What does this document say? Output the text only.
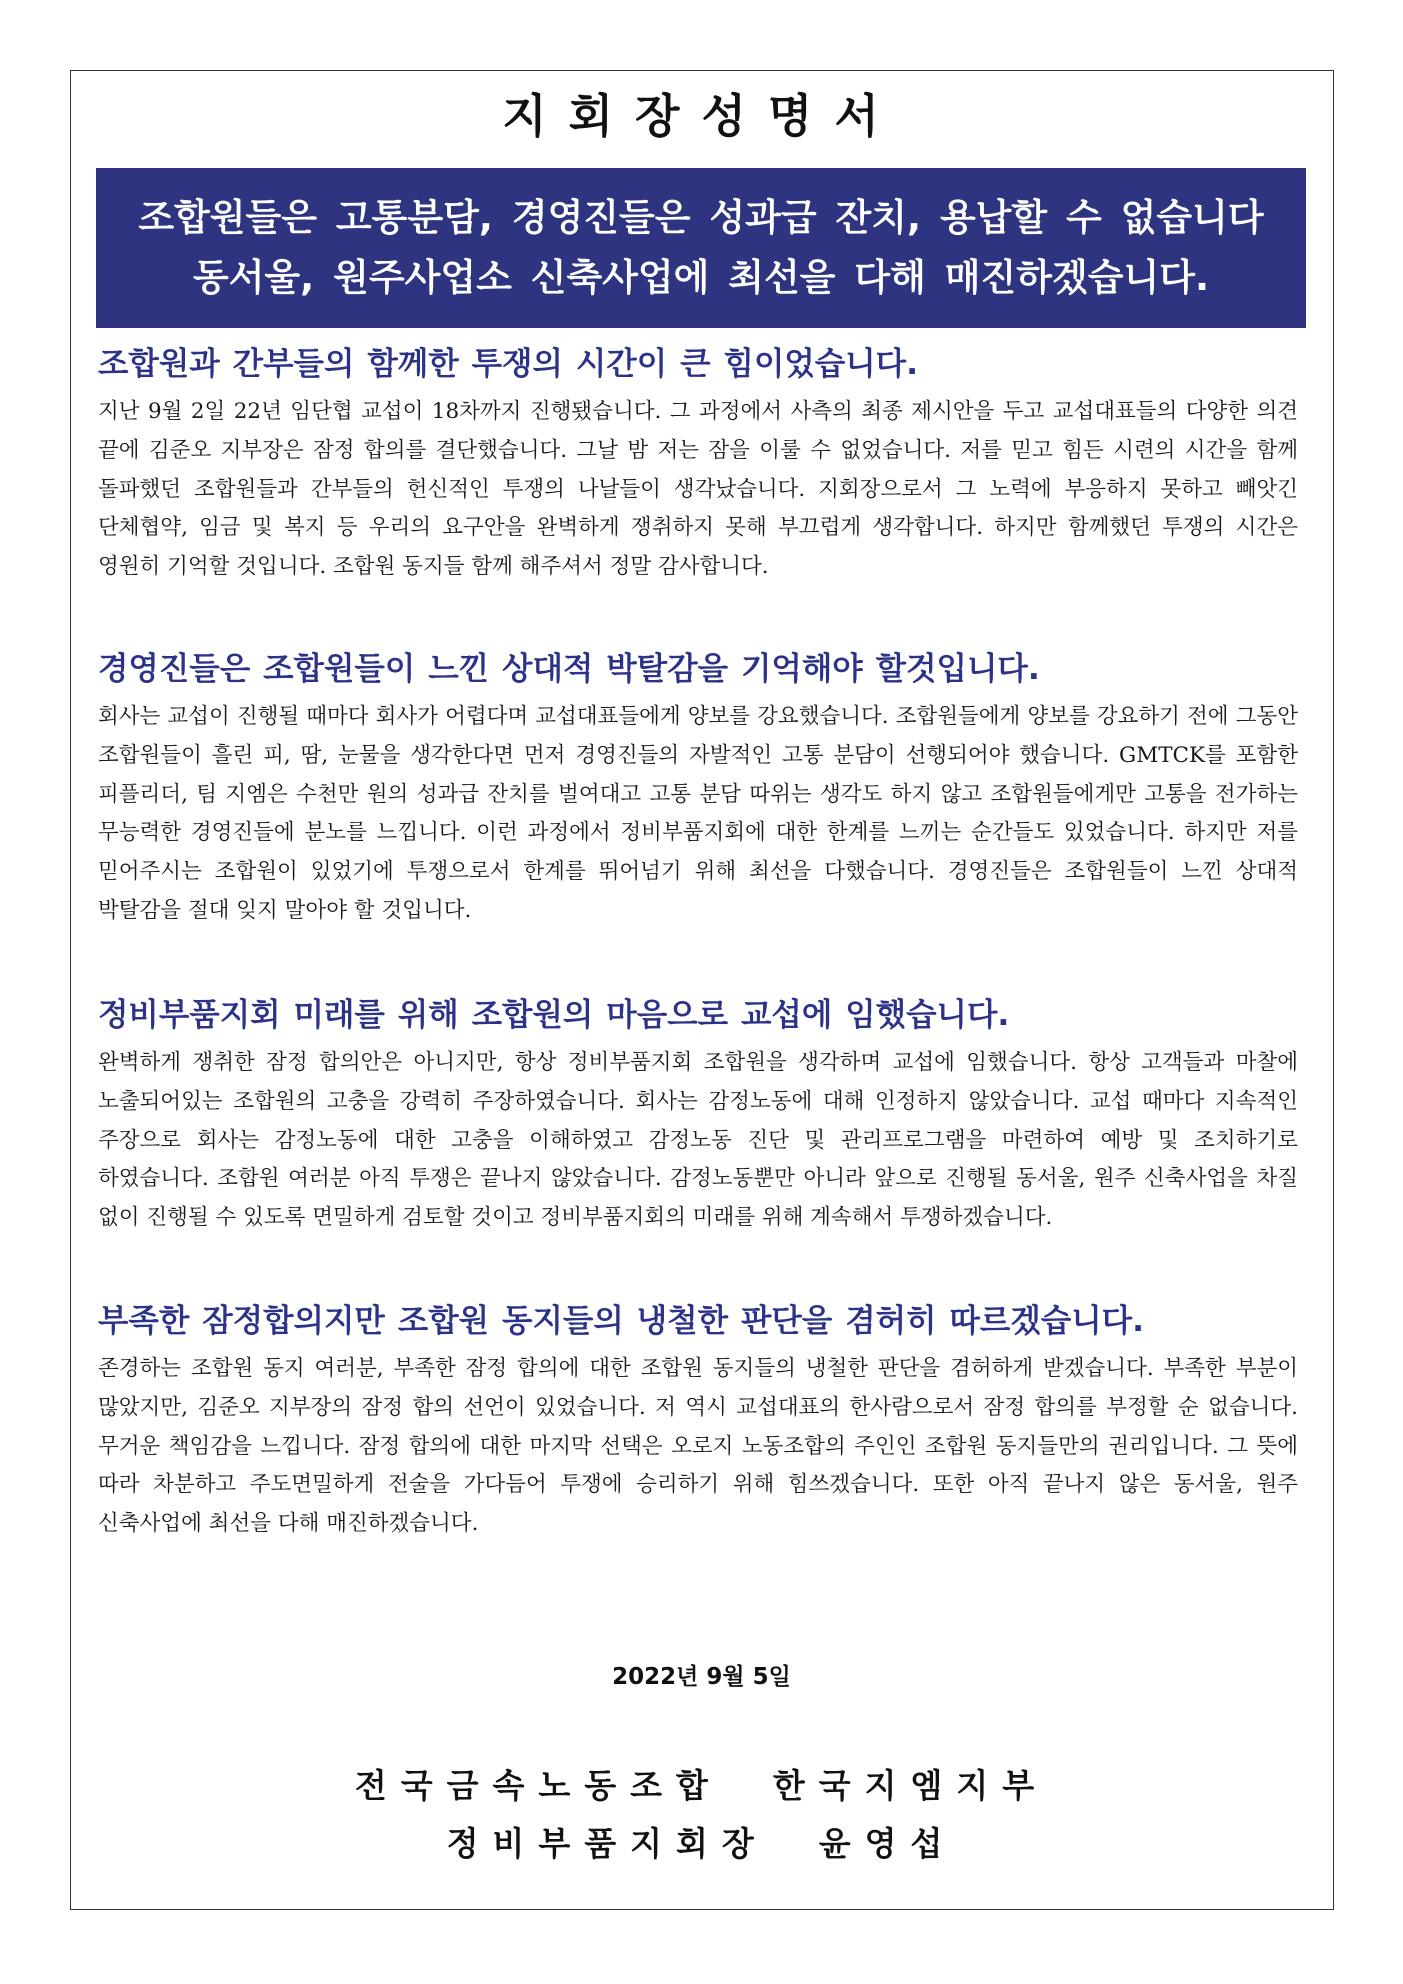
지회장성명서
조합원들은 고통분담, 경영진들은 성과급 잔치, 용납할 수 없습니다
동서울, 원주사업소 신축사업에 최선을 다해 매진하겠습니다.
조합원과 간부들의 함께한 투쟁의 시간이 큰 힘이었습니다.

지난 9월 2일 22년 임단협 교섭이 18차까지 진행됐습니다. 그 과정에서 사측의 최종 제시안을 두고 교섭대표들의 다양한 의견 끝에 김준오 지부장은 잠정 합의를 결단했습니다. 그날 밤 저는 잠을 이룰 수 없었습니다. 저를 믿고 힘든 시련의 시간을 함께 돌파했던 조합원들과 간부들의 헌신적인 투쟁의 나날들이 생각났습니다. 지회장으로서 그 노력에 부응하지 못하고 빼앗긴 단체협약, 임금 및 복지 등 우리의 요구안을 완벽하게 쟁취하지 못해 부끄럽게 생각합니다. 하지만 함께했던 투쟁의 시간은 영원히 기억할 것입니다. 조합원 동지들 함께 해주셔서 정말 감사합니다.

경영진들은 조합원들이 느낀 상대적 박탈감을 기억해야 할것입니다.

회사는 교섭이 진행될 때마다 회사가 어렵다며 교섭대표들에게 양보를 강요했습니다. 조합원들에게 양보를 강요하기 전에 그동안 조합원들이 흘린 피, 땀, 눈물을 생각한다면 먼저 경영진들의 자발적인 고통 분담이 선행되어야 했습니다. GMTCK를 포함한 피플리더, 팀 지엠은 수천만 원의 성과급 잔치를 벌여대고 고통 분담 따위는 생각도 하지 않고 조합원들에게만 고통을 전가하는 무능력한 경영진들에 분노를 느낍니다. 이런 과정에서 정비부품지회에 대한 한계를 느끼는 순간들도 있었습니다. 하지만 저를 믿어주시는 조합원이 있었기에 투쟁으로서 한계를 뛰어넘기 위해 최선을 다했습니다. 경영진들은 조합원들이 느낀 상대적 박탈감을 절대 잊지 말아야 할 것입니다.

정비부품지회 미래를 위해 조합원의 마음으로 교섭에 임했습니다.

완벽하게 쟁취한 잠정 합의안은 아니지만, 항상 정비부품지회 조합원을 생각하며 교섭에 임했습니다. 항상 고객들과 마찰에 노출되어있는 조합원의 고충을 강력히 주장하였습니다. 회사는 감정노동에 대해 인정하지 않았습니다. 교섭 때마다 지속적인 주장으로 회사는 감정노동에 대한 고충을 이해하였고 감정노동 진단 및 관리프로그램을 마련하여 예방 및 조치하기로 하였습니다. 조합원 여러분 아직 투쟁은 끝나지 않았습니다. 감정노동뿐만 아니라 앞으로 진행될 동서울, 원주 신축사업을 차질 없이 진행될 수 있도록 면밀하게 검토할 것이고 정비부품지회의 미래를 위해 계속해서 투쟁하겠습니다.

부족한 잠정합의지만 조합원 동지들의 냉철한 판단을 겸허히 따르겠습니다.

존경하는 조합원 동지 여러분, 부족한 잠정 합의에 대한 조합원 동지들의 냉철한 판단을 겸허하게 받겠습니다. 부족한 부분이 많았지만, 김준오 지부장의 잠정 합의 선언이 있었습니다. 저 역시 교섭대표의 한사람으로서 잠정 합의를 부정할 순 없습니다. 무거운 책임감을 느낍니다. 잠정 합의에 대한 마지막 선택은 오로지 노동조합의 주인인 조합원 동지들만의 권리입니다. 그 뜻에 따라 차분하고 주도면밀하게 전술을 가다듬어 투쟁에 승리하기 위해 힘쓰겠습니다. 또한 아직 끝나지 않은 동서울, 원주 신축사업에 최선을 다해 매진하겠습니다.

2022년 9월 5일
전국금속노동조합  한국지엠지부
정비부품지회장  윤영섭
